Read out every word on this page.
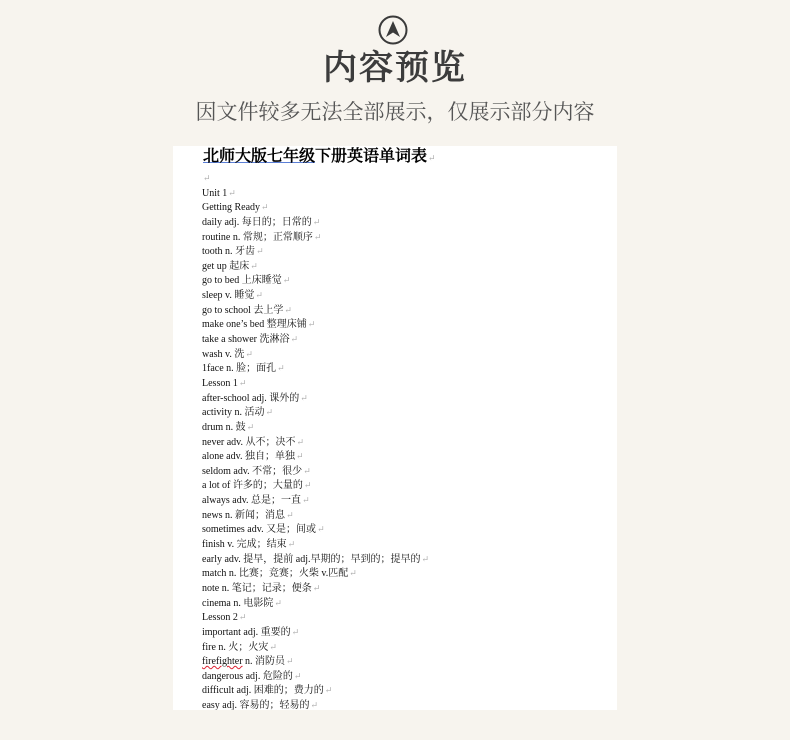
内容预览
因文件较多无法全部展示，仅展示部分内容
北师大版七年级下册英语单词表↵
↵
Unit 1↵
Getting Ready↵
daily adj. 每日的；日常的↵
routine n. 常规；正常顺序↵
tooth n. 牙齿↵
get up 起床↵
go to bed 上床睡觉↵
sleep v. 睡觉↵
go to school 去上学↵
make one’s bed 整理床铺↵
take a shower 洗淋浴↵
wash v. 洗↵
1face n. 脸；面孔↵
Lesson 1↵
after-school adj. 课外的↵
activity n. 活动↵
drum n. 鼓↵
never adv. 从不；决不↵
alone adv. 独自；单独↵
seldom adv. 不常；很少↵
a lot of 许多的；大量的↵
always adv. 总是；一直↵
news n. 新闻；消息↵
sometimes adv. 又是；间或↵
finish v. 完成；结束↵
early adv. 提早，提前 adj.早期的；早到的；提早的↵
match n. 比赛；竞赛；火柴 v.匹配↵
note n. 笔记；记录；便条↵
cinema n. 电影院↵
Lesson 2↵
important adj. 重要的↵
fire n. 火；火灾↵
firefighter n. 消防员↵
dangerous adj. 危险的↵
difficult adj. 困难的；费力的↵
easy adj. 容易的；轻易的↵
